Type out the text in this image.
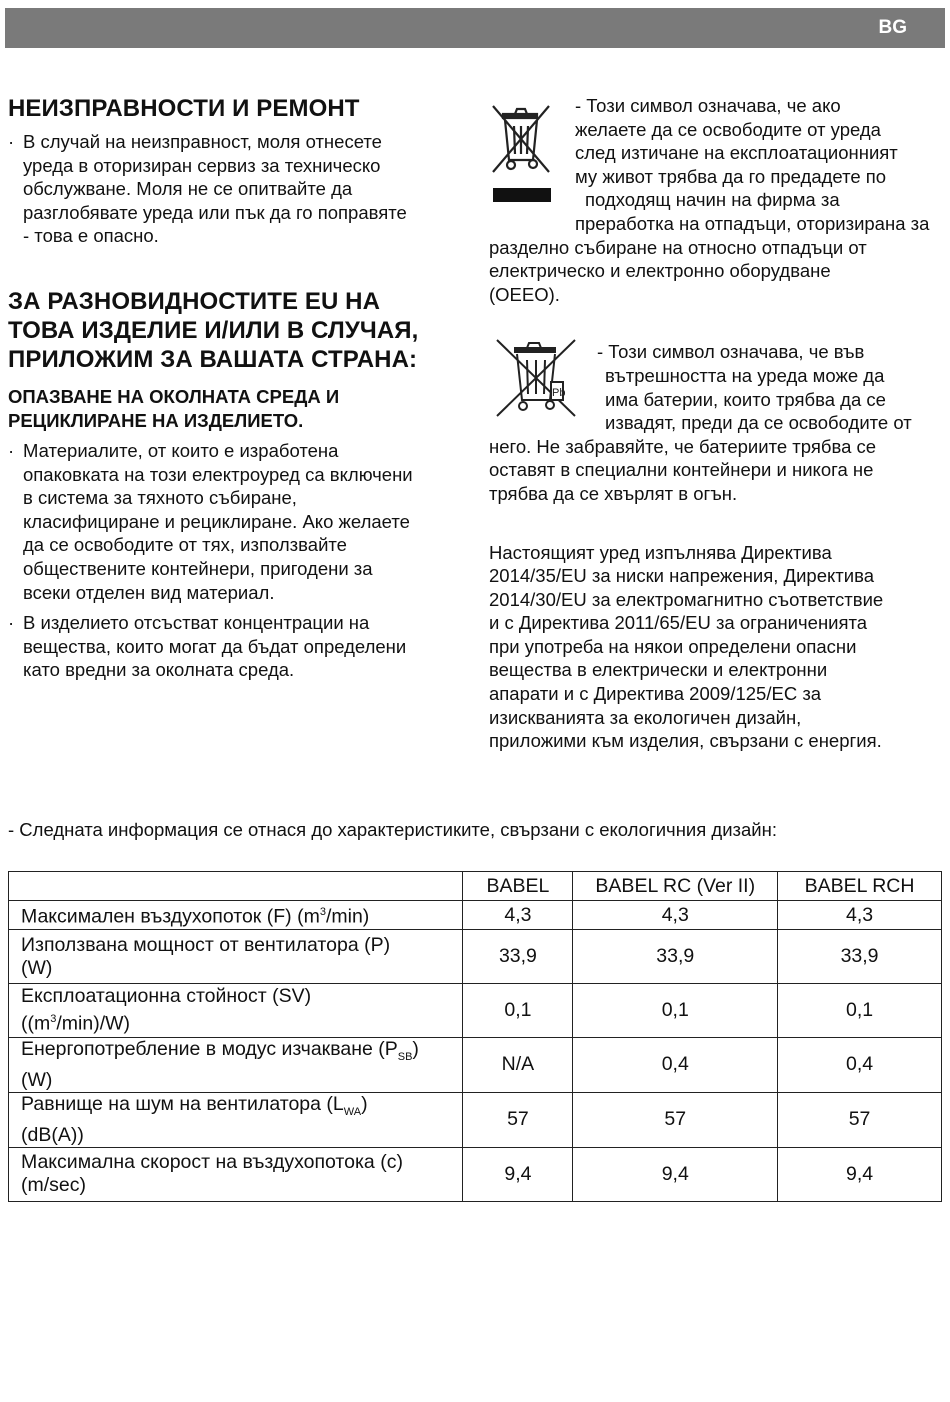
BG
НЕИЗПРАВНОСТИ И РЕМОНТ
· В случай на неизправност, моля отнесете
уреда в оторизиран сервиз за техническо
обслужване. Моля не се опитвайте да
разглобявате уреда или пък да го поправяте
- това е опасно.
ЗА РАЗНОВИДНОСТИТЕ EU НА
ТОВА ИЗДЕЛИЕ И/ИЛИ В СЛУЧАЯ,
ПРИЛОЖИМ ЗА ВАШАТА СТРАНА:
ОПАЗВАНЕ НА ОКОЛНАТА СРЕДА И
РЕЦИКЛИРАНЕ НА ИЗДЕЛИЕТО.
· Материалите, от които е изработена
опаковката на този електроуред са включени
в система за тяхното събиране,
класифициране и рециклиране. Ако желаете
да се освободите от тях, използвайте
обществените контейнери, пригодени за
всеки отделен вид материал.
· В изделието отсъстват концентрации на
вещества, които могат да бъдат определени
като вредни за околната среда.

- Този символ означава, че ако
желаете да се освободите от уреда
след изтичане на експлоатационният
му живот трябва да го предадете по
подходящ начин на фирма за
преработка на отпадъци, оторизирана за
разделно събиране на относно отпадъци от
електрическо и електронно оборудване
(ОЕЕО).

Pb

- Този символ означава, че във
вътрешността на уреда може да
има батерии, които трябва да се
извадят, преди да се освободите от
него. Не забравяйте, че батериите трябва се
оставят в специални контейнери и никога не
трябва да се хвърлят в огън.

Настоящият уред изпълнява Директива
2014/35/EU за ниски напрежения, Директива
2014/30/EU за електромагнитно съответствие
и с Директива 2011/65/EU за ограниченията
при употреба на някои определени опасни
вещества в електрически и електронни
апарати и с Директива 2009/125/ЕС за
изискванията за екологичен дизайн,
приложими към изделия, свързани с енергия.

- Следната информация се отнася до характеристиките, свързани с екологичния дизайн:
	BABEL	BABEL RC (Ver II)	BABEL RCH
Максимален въздухопоток (F) $(m^3/\min)$	4,3	4,3	4,3
Използвана мощност от вентилатора (P)
(W)	33,9	33,9	33,9
Експлоатационна стойност (SV)
$((m^3/\min)/W)$	0,1	0,1	0,1
Енергопотребление в модус изчакване $(P_{SB})$
(W)	N/A	0,4	0,4
Равнище на шум на вентилатора $(L_{WA})$
(dB(A))	57	57	57
Максимална скорост на въздухопотока (c)
(m/sec)	9,4	9,4	9,4
